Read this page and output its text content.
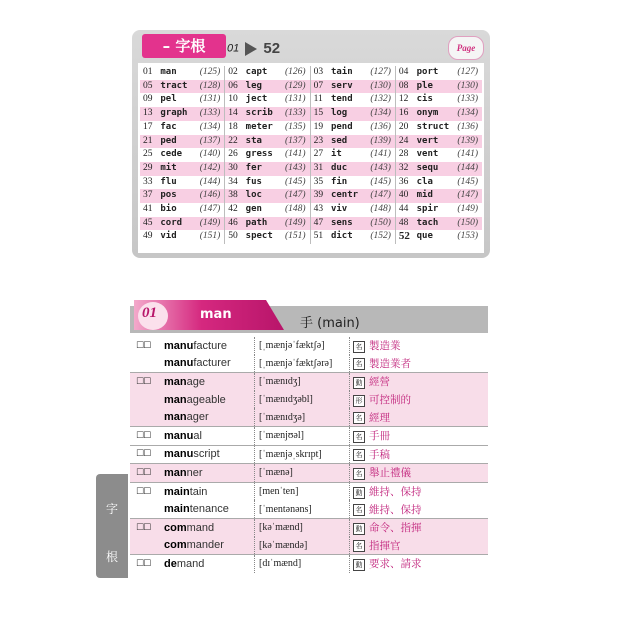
– 字根	01 52	Page
01	man	(125)	02	capt	(126)	03	tain	(127)	04	port	(127)
05	tract	(128)	06	leg	(129)	07	serv	(130)	08	ple	(130)
09	pel	(131)	10	ject	(131)	11	tend	(132)	12	cis	(133)
13	graph	(133)	14	scrib	(133)	15	log	(134)	16	onym	(134)
17	fac	(134)	18	meter	(135)	19	pend	(136)	20	struct	(136)
21	ped	(137)	22	sta	(137)	23	sed	(139)	24	vert	(139)
25	cede	(140)	26	gress	(141)	27	it	(141)	28	vent	(141)
29	mit	(142)	30	fer	(143)	31	duc	(143)	32	sequ	(144)
33	flu	(144)	34	fus	(145)	35	fin	(145)	36	cla	(145)
37	pos	(146)	38	loc	(147)	39	centr	(147)	40	mid	(147)
41	bio	(147)	42	gen	(148)	43	viv	(148)	44	spir	(149)
45	cord	(149)	46	path	(149)	47	sens	(150)	48	tach	(150)
49	vid	(151)	50	spect	(151)	51	dict	(152)	52	que	(153)
01	man
手 (main)
☐☐	manufacture	[ˌmænjəˈfæktʃə]	名	製造業
	manufacturer	[ˌmænjəˈfæktʃərə]	名	製造業者
☐☐	manage	[ˈmænɪdʒ]	動	經營
	manageable	[ˈmænɪdʒəbl]	形	可控制的
	manager	[ˈmænɪdʒə]	名	經理
☐☐	manual	[ˈmænjʊəl]	名	手冊
☐☐	manuscript	[ˈmænjəˌskrɪpt]	名	手稿
☐☐	manner	[ˈmænə]	名	舉止禮儀
☐☐	maintain	[menˈten]	動	維持、保持
	maintenance	[ˈmentənəns]	名	維持、保持
☐☐	command	[kəˈmænd]	動	命令、指揮
	commander	[kəˈmændə]	名	指揮官
☐☐	demand	[dɪˈmænd]	動	要求、請求
字
根
